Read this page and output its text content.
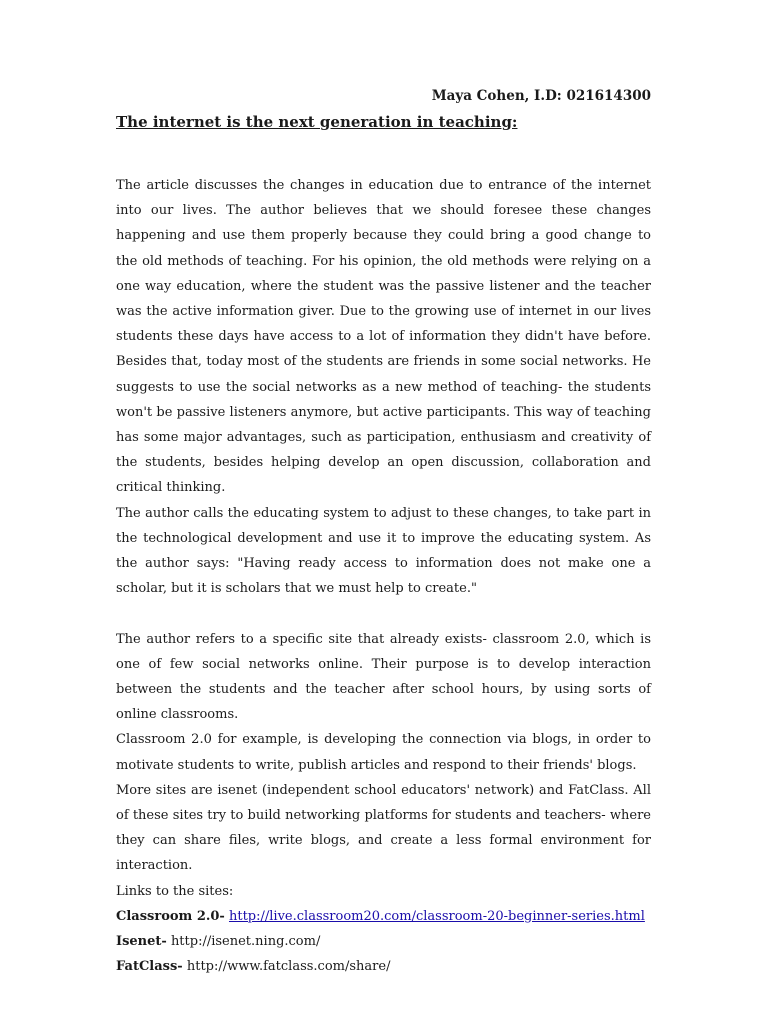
Maya Cohen, I.D: 021614300

The internet is the next generation in teaching:

The article discusses the changes in education due to entrance of the internet into our lives. The author believes that we should foresee these changes happening and use them properly because they could bring a good change to the old methods of teaching. For his opinion, the old methods were relying on a one way education, where the student was the passive listener and the teacher was the active information giver. Due to the growing use of internet in our lives students these days have access to a lot of information they didn't have before. Besides that, today most of the students are friends in some social networks. He suggests to use the social networks as a new method of teaching- the students won't be passive listeners anymore, but active participants. This way of teaching has some major advantages, such as participation, enthusiasm and creativity of the students, besides helping develop an open discussion, collaboration and critical thinking.

The author calls the educating system to adjust to these changes, to take part in the technological development and use it to improve the educating system. As the author says: "Having ready access to information does not make one a scholar, but it is scholars that we must help to create."

The author refers to a specific site that already exists- classroom 2.0, which is one of few social networks online. Their purpose is to develop interaction between the students and the teacher after school hours, by using sorts of online classrooms.

Classroom 2.0 for example, is developing the connection via blogs, in order to motivate students to write, publish articles and respond to their friends' blogs.

More sites are isenet (independent school educators' network) and FatClass. All of these sites try to build networking platforms for students and teachers- where they can share files, write blogs, and create a less formal environment for interaction.

Links to the sites:

Classroom 2.0- http://live.classroom20.com/classroom-20-beginner-series.html

Isenet- http://isenet.ning.com/

FatClass- http://www.fatclass.com/share/
